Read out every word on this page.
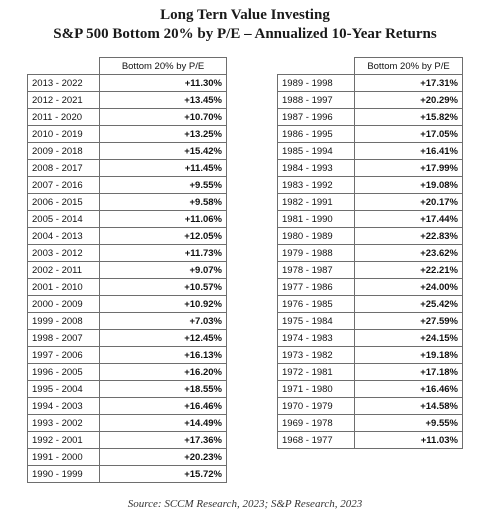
Long Tern Value Investing
S&P 500 Bottom 20% by P/E – Annualized 10-Year Returns
	Bottom 20% by P/E
2013 - 2022	+11.30%
2012 - 2021	+13.45%
2011 - 2020	+10.70%
2010 - 2019	+13.25%
2009 - 2018	+15.42%
2008 - 2017	+11.45%
2007 - 2016	+9.55%
2006 - 2015	+9.58%
2005 - 2014	+11.06%
2004 - 2013	+12.05%
2003 - 2012	+11.73%
2002 - 2011	+9.07%
2001 - 2010	+10.57%
2000 - 2009	+10.92%
1999 - 2008	+7.03%
1998 - 2007	+12.45%
1997 - 2006	+16.13%
1996 - 2005	+16.20%
1995 - 2004	+18.55%
1994 - 2003	+16.46%
1993 - 2002	+14.49%
1992 - 2001	+17.36%
1991 - 2000	+20.23%
1990 - 1999	+15.72%
	Bottom 20% by P/E
1989 - 1998	+17.31%
1988 - 1997	+20.29%
1987 - 1996	+15.82%
1986 - 1995	+17.05%
1985 - 1994	+16.41%
1984 - 1993	+17.99%
1983 - 1992	+19.08%
1982 - 1991	+20.17%
1981 - 1990	+17.44%
1980 - 1989	+22.83%
1979 - 1988	+23.62%
1978 - 1987	+22.21%
1977 - 1986	+24.00%
1976 - 1985	+25.42%
1975 - 1984	+27.59%
1974 - 1983	+24.15%
1973 - 1982	+19.18%
1972 - 1981	+17.18%
1971 - 1980	+16.46%
1970 - 1979	+14.58%
1969 - 1978	+9.55%
1968 - 1977	+11.03%
Source: SCCM Research, 2023; S&P Research, 2023
